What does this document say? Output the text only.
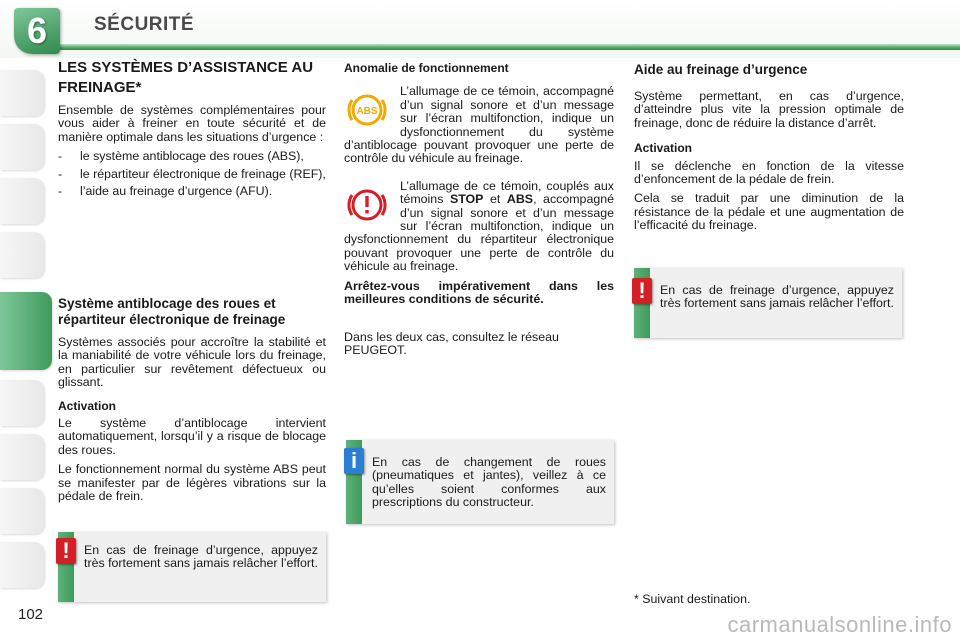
6	SÉCURITÉ
102
LES SYSTÈMES D’ASSISTANCE AU FREINAGE*

Ensemble de systèmes complémentaires pour vous aider à freiner en toute sécurité et de manière optimale dans les situations d’urgence :

- le système antiblocage des roues (ABS),
- le répartiteur électronique de freinage (REF),
- l’aide au freinage d’urgence (AFU).
Système antiblocage des roues et répartiteur électronique de freinage

Systèmes associés pour accroître la stabilité et la maniabilité de votre véhicule lors du freinage, en particulier sur revêtement défectueux ou glissant.

Activation

Le système d’antiblocage intervient automatiquement, lorsqu’il y a risque de blocage des roues.

Le fonctionnement normal du système ABS peut se manifester par de légères vibrations sur la pédale de frein.

En cas de freinage d’urgence, appuyez très fortement sans jamais relâcher l’effort.
!
Anomalie de fonctionnement

ABS
L’allumage de ce témoin, accompagné d’un signal sonore et d’un message sur l’écran multifonction, indique un dysfonctionnement du système d’antiblocage pouvant provoquer une perte de contrôle du véhicule au freinage.

L’allumage de ce témoin, couplés aux témoins STOP et ABS, accompagné d’un signal sonore et d’un message sur l’écran multifonction, indique un dysfonctionnement du répartiteur électronique pouvant provoquer une perte de contrôle du véhicule au freinage.

Arrêtez-vous impérativement dans les meilleures conditions de sécurité.

Dans les deux cas, consultez le réseau PEUGEOT.

En cas de changement de roues (pneumatiques et jantes), veillez à ce qu’elles soient conformes aux prescriptions du constructeur.
i
Aide au freinage d’urgence

Système permettant, en cas d’urgence, d’atteindre plus vite la pression optimale de freinage, donc de réduire la distance d’arrêt.

Activation

Il se déclenche en fonction de la vitesse d’enfoncement de la pédale de frein.

Cela se traduit par une diminution de la résistance de la pédale et une augmentation de l’efficacité du freinage.

En cas de freinage d’urgence, appuyez très fortement sans jamais relâcher l’effort.
!
* Suivant destination.
carmanualsonline.info
